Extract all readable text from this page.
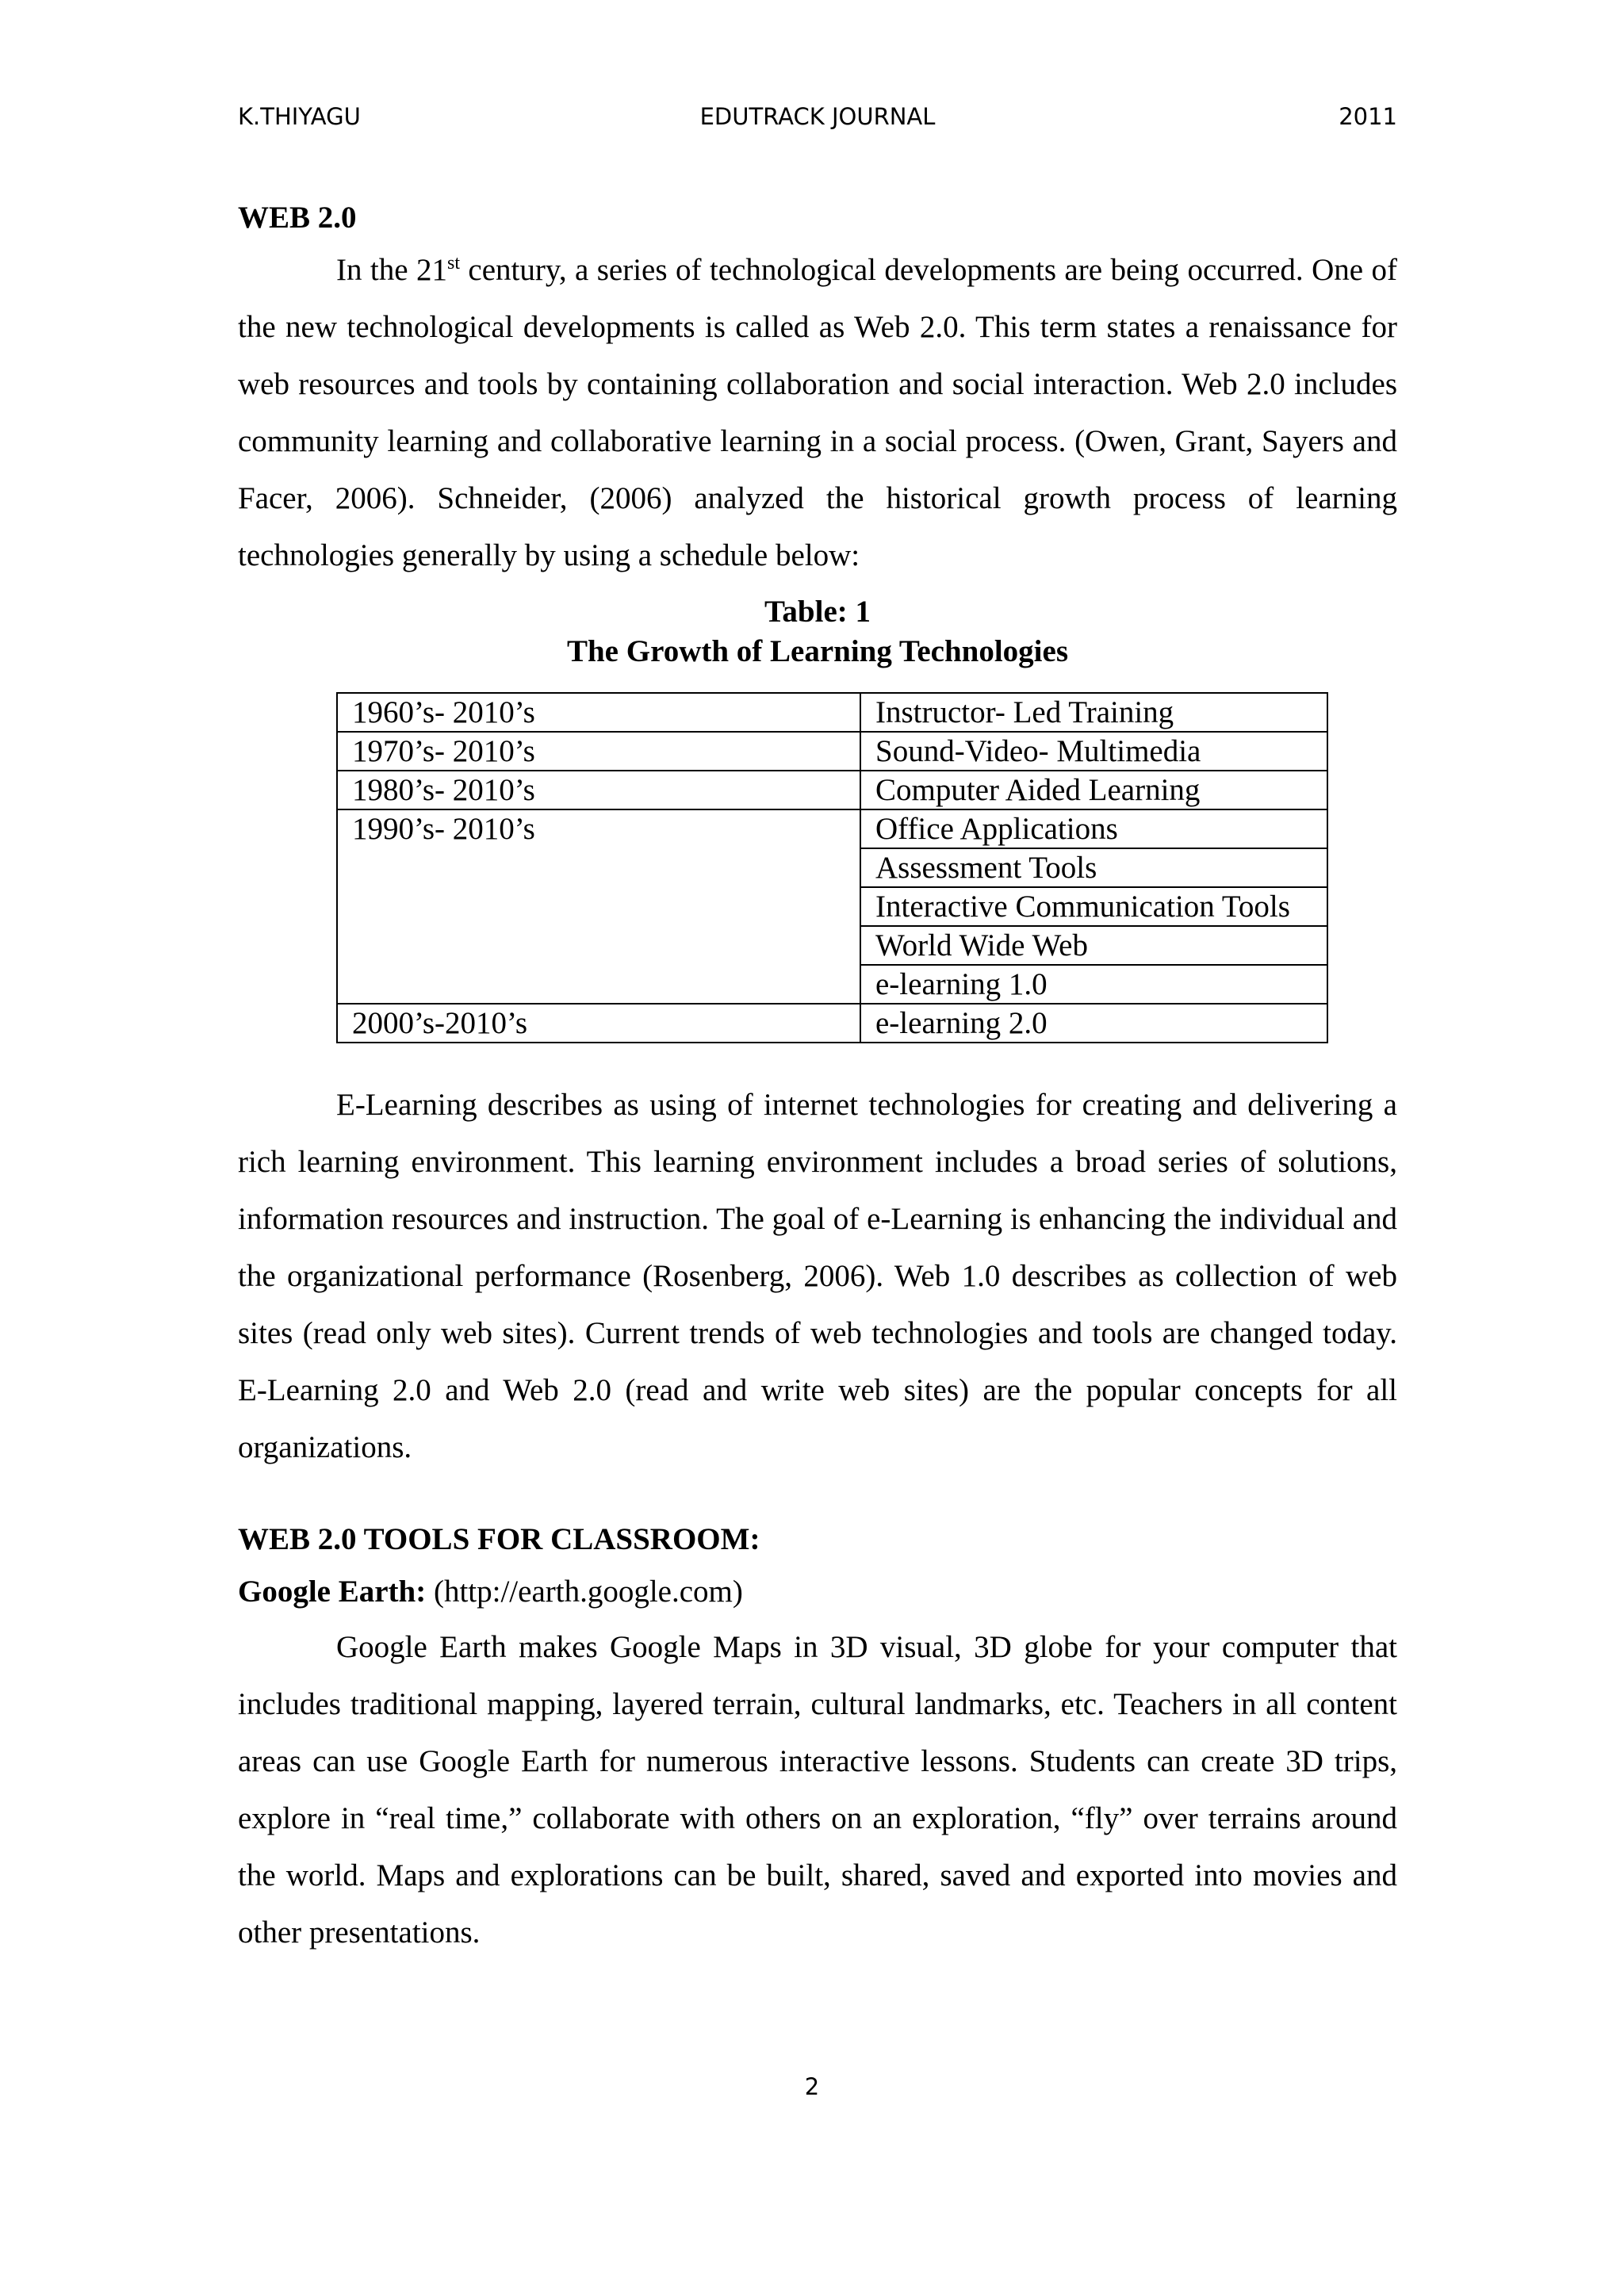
K.THIYAGU	EDUTRACK JOURNAL	2011

WEB 2.0

In the 21st century, a series of technological developments are being occurred. One of the new technological developments is called as Web 2.0. This term states a renaissance for web resources and tools by containing collaboration and social interaction. Web 2.0 includes community learning and collaborative learning in a social process. (Owen, Grant, Sayers and Facer, 2006). Schneider, (2006) analyzed the historical growth process of learning technologies generally by using a schedule below:

Table: 1

The Growth of Learning Technologies

1960’s- 2010’s	Instructor- Led Training
1970’s- 2010’s	Sound-Video- Multimedia
1980’s- 2010’s	Computer Aided Learning
1990’s- 2010’s	Office Applications
	Assessment Tools
	Interactive Communication Tools
	World Wide Web
	e-learning 1.0
2000’s-2010’s	e-learning 2.0

E-Learning describes as using of internet technologies for creating and delivering a rich learning environment. This learning environment includes a broad series of solutions, information resources and instruction. The goal of e-Learning is enhancing the individual and the organizational performance (Rosenberg, 2006). Web 1.0 describes as collection of web sites (read only web sites). Current trends of web technologies and tools are changed today. E-Learning 2.0 and Web 2.0 (read and write web sites) are the popular concepts for all organizations.

WEB 2.0 TOOLS FOR CLASSROOM:

Google Earth: (http://earth.google.com)

Google Earth makes Google Maps in 3D visual, 3D globe for your computer that includes traditional mapping, layered terrain, cultural landmarks, etc. Teachers in all content areas can use Google Earth for numerous interactive lessons. Students can create 3D trips, explore in “real time,” collaborate with others on an exploration, “fly” over terrains around the world. Maps and explorations can be built, shared, saved and exported into movies and other presentations.

2
